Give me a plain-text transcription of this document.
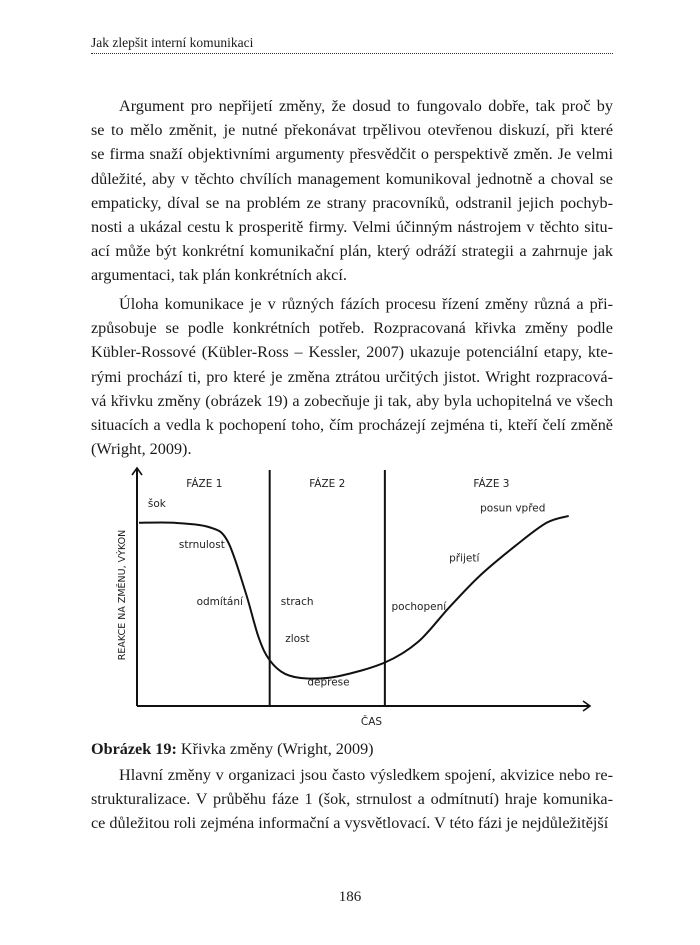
Jak zlepšit interní komunikaci
Argument pro nepřijetí změny, že dosud to fungovalo dobře, tak proč by
se to mělo změnit, je nutné překonávat trpělivou otevřenou diskuzí, při které
se firma snaží objektivními argumenty přesvědčit o perspektivě změn. Je velmi
důležité, aby v těchto chvílích management komunikoval jednotně a choval se
empaticky, díval se na problém ze strany pracovníků, odstranil jejich pochyb-
nosti a ukázal cestu k prosperitě firmy. Velmi účinným nástrojem v těchto situ-
ací může být konkrétní komunikační plán, který odráží strategii a zahrnuje jak
argumentaci, tak plán konkrétních akcí.
Úloha komunikace je v různých fázích procesu řízení změny různá a při-
způsobuje se podle konkrétních potřeb. Rozpracovaná křivka změny podle
Kübler-Rossové (Kübler-Ross – Kessler, 2007) ukazuje potenciální etapy, kte-
rými prochází ti, pro které je změna ztrátou určitých jistot. Wright rozpracová-
vá křivku změny (obrázek 19) a zobecňuje ji tak, aby byla uchopitelná ve všech
situacích a vedla k pochopení toho, čím procházejí zejména ti, kteří čelí změně
(Wright, 2009).
FÁZE 1	FÁZE 2	FÁZE 3
šok
strnulost
odmítání	strach
zlost
deprese
pochopení
přijetí
posun vpřed
REAKCE NA ZMĚNU, VÝKON
ČAS
Obrázek 19: Křivka změny (Wright, 2009)
Hlavní změny v organizaci jsou často výsledkem spojení, akvizice nebo re-
strukturalizace. V průběhu fáze 1 (šok, strnulost a odmítnutí) hraje komunika-
ce důležitou roli zejména informační a vysvětlovací. V této fázi je nejdůležitější
186
